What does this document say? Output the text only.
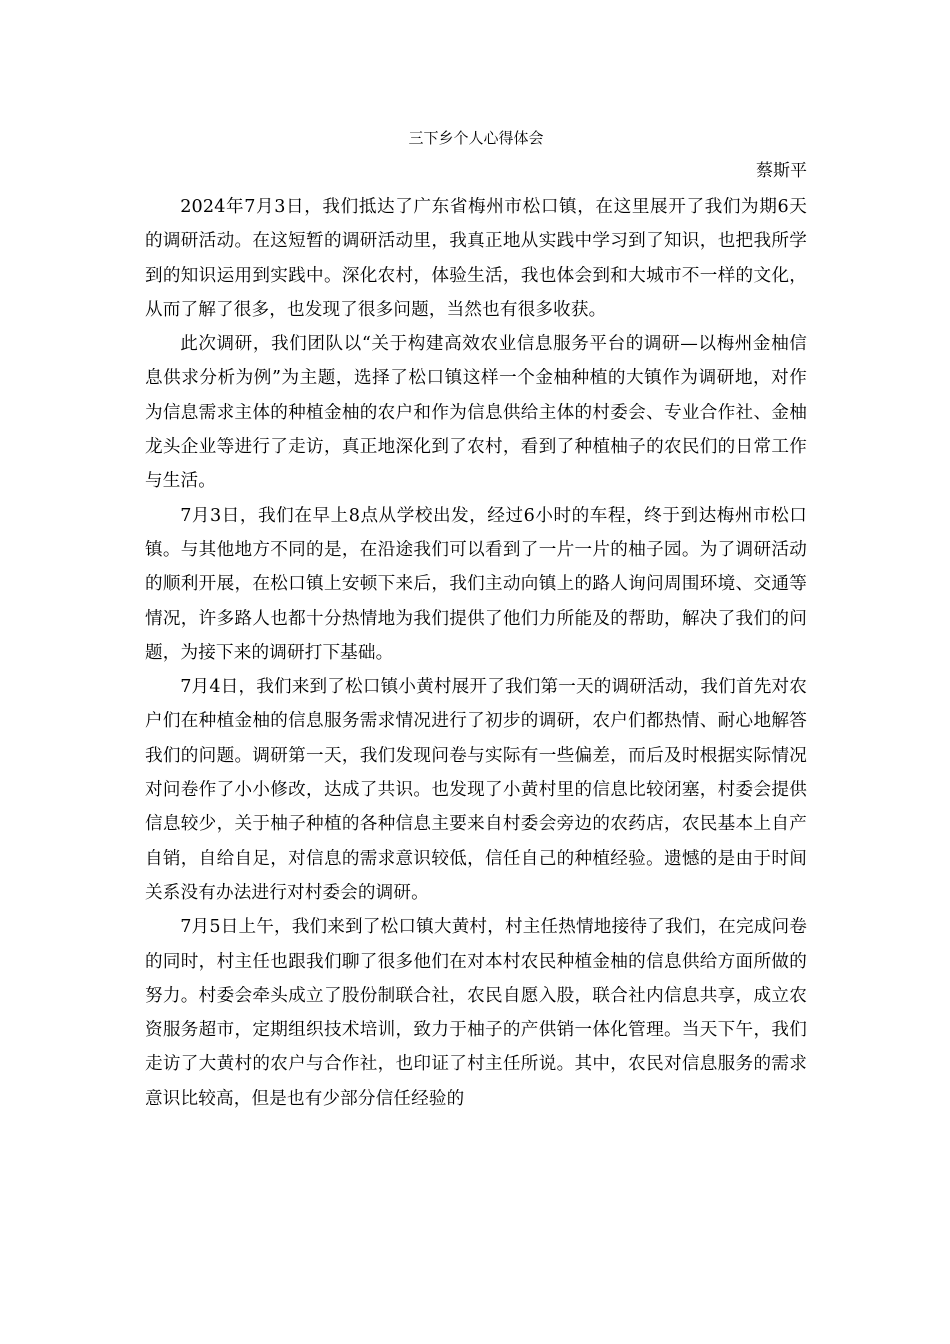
三下乡个人心得体会
蔡斯平

2024年7月3日，我们抵达了广东省梅州市松口镇，在这里展开了我们为期6天的调研活动。在这短暂的调研活动里，我真正地从实践中学习到了知识，也把我所学到的知识运用到实践中。深化农村，体验生活，我也体会到和大城市不一样的文化，从而了解了很多，也发现了很多问题，当然也有很多收获。

此次调研，我们团队以“关于构建高效农业信息服务平台的调研—以梅州金柚信息供求分析为例”为主题，选择了松口镇这样一个金柚种植的大镇作为调研地，对作为信息需求主体的种植金柚的农户和作为信息供给主体的村委会、专业合作社、金柚龙头企业等进行了走访，真正地深化到了农村，看到了种植柚子的农民们的日常工作与生活。

7月3日，我们在早上8点从学校出发，经过6小时的车程，终于到达梅州市松口镇。与其他地方不同的是，在沿途我们可以看到了一片一片的柚子园。为了调研活动的顺利开展，在松口镇上安顿下来后，我们主动向镇上的路人询问周围环境、交通等情况，许多路人也都十分热情地为我们提供了他们力所能及的帮助，解决了我们的问题，为接下来的调研打下基础。

7月4日，我们来到了松口镇小黄村展开了我们第一天的调研活动，我们首先对农户们在种植金柚的信息服务需求情况进行了初步的调研，农户们都热情、耐心地解答我们的问题。调研第一天，我们发现问卷与实际有一些偏差，而后及时根据实际情况对问卷作了小小修改，达成了共识。也发现了小黄村里的信息比较闭塞，村委会提供信息较少，关于柚子种植的各种信息主要来自村委会旁边的农药店，农民基本上自产自销，自给自足，对信息的需求意识较低，信任自己的种植经验。遗憾的是由于时间关系没有办法进行对村委会的调研。

7月5日上午，我们来到了松口镇大黄村，村主任热情地接待了我们，在完成问卷的同时，村主任也跟我们聊了很多他们在对本村农民种植金柚的信息供给方面所做的努力。村委会牵头成立了股份制联合社，农民自愿入股，联合社内信息共享，成立农资服务超市，定期组织技术培训，致力于柚子的产供销一体化管理。当天下午，我们走访了大黄村的农户与合作社，也印证了村主任所说。其中，农民对信息服务的需求意识比较高，但是也有少部分信任经验的
